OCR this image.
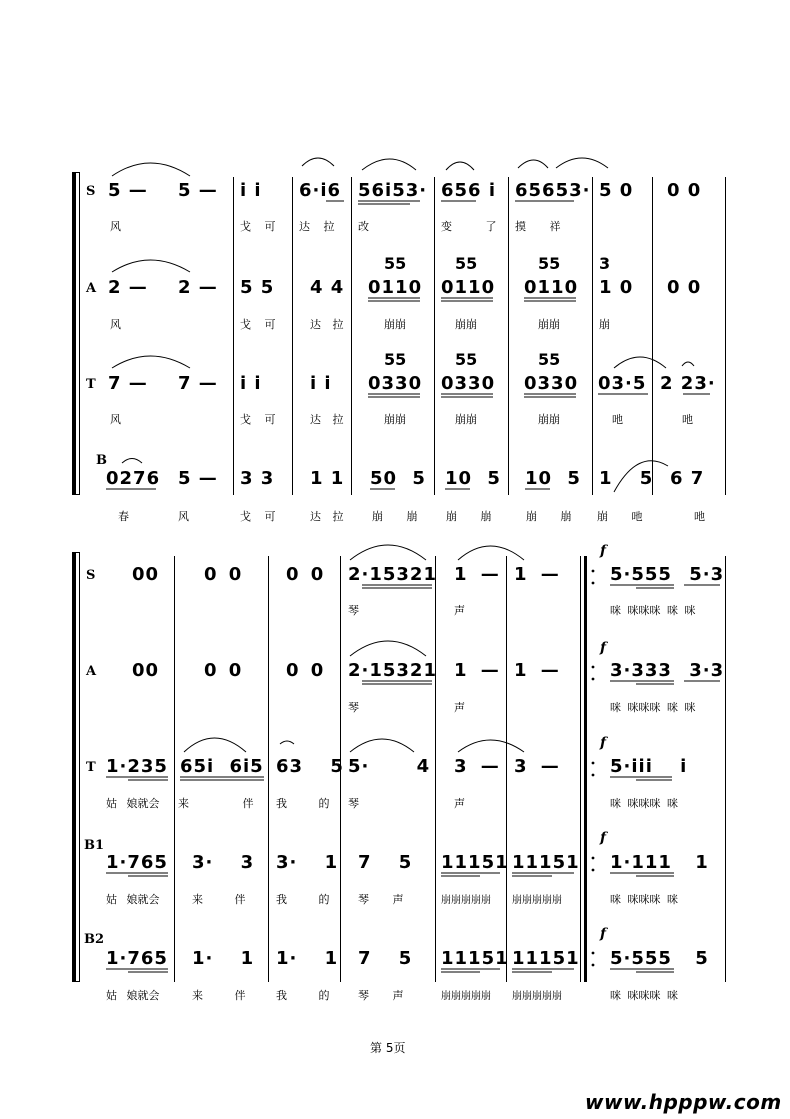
S
A
T
B
5 — 5 — i i 6·i6 56i53· 656 i 65653· 5 0 0 0
风	戈 可 达 拉 改	变 了 摸 祥
55	55	55 3
2 — 2 — 5 5 4 4 0110 0110 0110 1 0 0 0
风	戈 可	达 拉	崩崩	崩崩	崩崩	崩
55	55	55
7 — 7 — i i	i i 0330 0330 0330 03·5 2 23·
风	戈 可	达 拉	崩崩	崩崩	崩崩	吔	吔
0276 5 — 3 3 1 1 50 5 10 5 10 5 1 5 6 7
春	风	戈 可	达 拉	崩 崩	崩 崩	崩 崩 崩 吔	吔
S
A
T
B1
B2
f
f
f
f
f
00 0 0 0 0 2·15321 1 — 1 —	5·555 5·3
琴	声	咪 咪咪咪 咪 咪
00 0 0 0 0 2·15321 1 — 1 —	3·333 3·3
琴	声	咪 咪咪咪 咪 咪
1·235 65i 6i5 63 5 5· 4 3 — 3 —	5·iii i
姑 娘就会 来 伴 我 的 琴	声	咪 咪咪咪 咪
1·765 3· 3 3· 1 7 5 11151 11151 1·111 1
姑 娘就会	来 伴	我 的	琴 声	崩崩崩崩崩 崩崩崩崩崩	咪 咪咪咪 咪
1·765 1· 1 1· 1 7 5 11151 11151 5·555 5
姑 娘就会	来 伴	我 的	琴 声	崩崩崩崩崩 崩崩崩崩崩	咪 咪咪咪 咪
第 5页
www.hpppw.com
